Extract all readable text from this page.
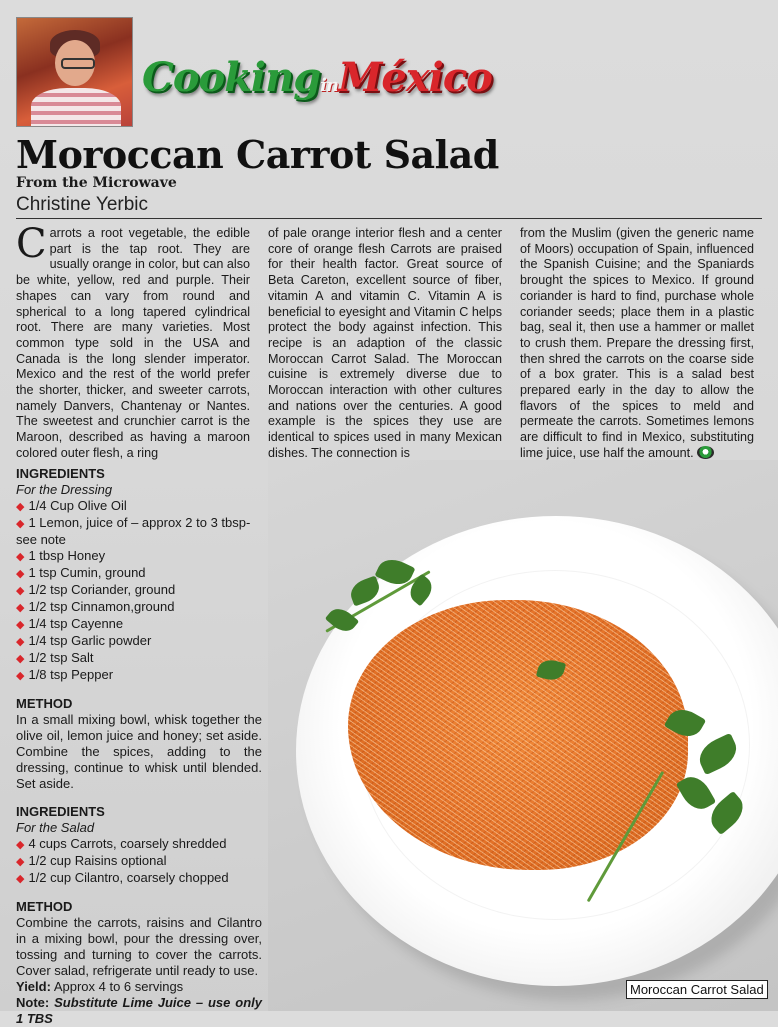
CookinginMéxico
Moroccan Carrot Salad
From the Microwave
Christine Yerbic
Carrots a root vegetable, the edible part is the tap root. They are usually orange in color, but can also be white, yellow, red and purple. Their shapes can vary from round and spherical to a long tapered cylindrical root. There are many varieties. Most common type sold in the USA and Canada is the long slender imperator. Mexico and the rest of the world prefer the shorter, thicker, and sweeter carrots, namely Danvers, Chantenay or Nantes. The sweetest and crunchier carrot is the Maroon, described as having a maroon colored outer flesh, a ring
of pale orange interior flesh and a center core of orange flesh Carrots are praised for their health factor. Great source of Beta Careton, excellent source of fiber, vitamin A and vitamin C. Vitamin A is beneficial to eyesight and Vitamin C helps protect the body against infection. This recipe is an adaption of the classic Moroccan Carrot Salad. The Moroccan cuisine is extremely diverse due to Moroccan interaction with other cultures and nations over the centuries. A good example is the spices they use are identical to spices used in many Mexican dishes. The connection is
from the Muslim (given the generic name of Moors) occupation of Spain, influenced the Spanish Cuisine; and the Spaniards brought the spices to Mexico. If ground coriander is hard to find, purchase whole coriander seeds; place them in a plastic bag, seal it, then use a hammer or mallet to crush them. Prepare the dressing first, then shred the carrots on the coarse side of a box grater. This is a salad best prepared early in the day to allow the flavors of the spices to meld and permeate the carrots. Sometimes lemons are difficult to find in Mexico, substituting lime juice, use half the amount.
Moroccan Carrot Salad

INGREDIENTS

For the Dressing

◆ 1/4 Cup Olive Oil
◆ 1 Lemon, juice of – approx 2 to 3 tbsp- see note
◆ 1 tbsp Honey
◆ 1 tsp Cumin, ground
◆ 1/2 tsp Coriander, ground
◆ 1/2 tsp Cinnamon,ground
◆ 1/4 tsp Cayenne
◆ 1/4 tsp Garlic powder
◆ 1/2 tsp Salt
◆ 1/8 tsp Pepper

METHOD

In a small mixing bowl, whisk together the olive oil, lemon juice and honey; set aside. Combine the spices, adding to the dressing, continue to whisk until blended. Set aside.

INGREDIENTS

For the Salad

◆ 4 cups Carrots, coarsely shredded
◆ 1/2 cup Raisins optional
◆ 1/2 cup Cilantro, coarsely chopped

METHOD

Combine the carrots, raisins and Cilantro in a mixing bowl, pour the dressing over, tossing and turning to cover the carrots. Cover salad, refrigerate until ready to use.

Yield: Approx 4 to 6 servings

Note: Substitute Lime Juice – use only 1 TBS
